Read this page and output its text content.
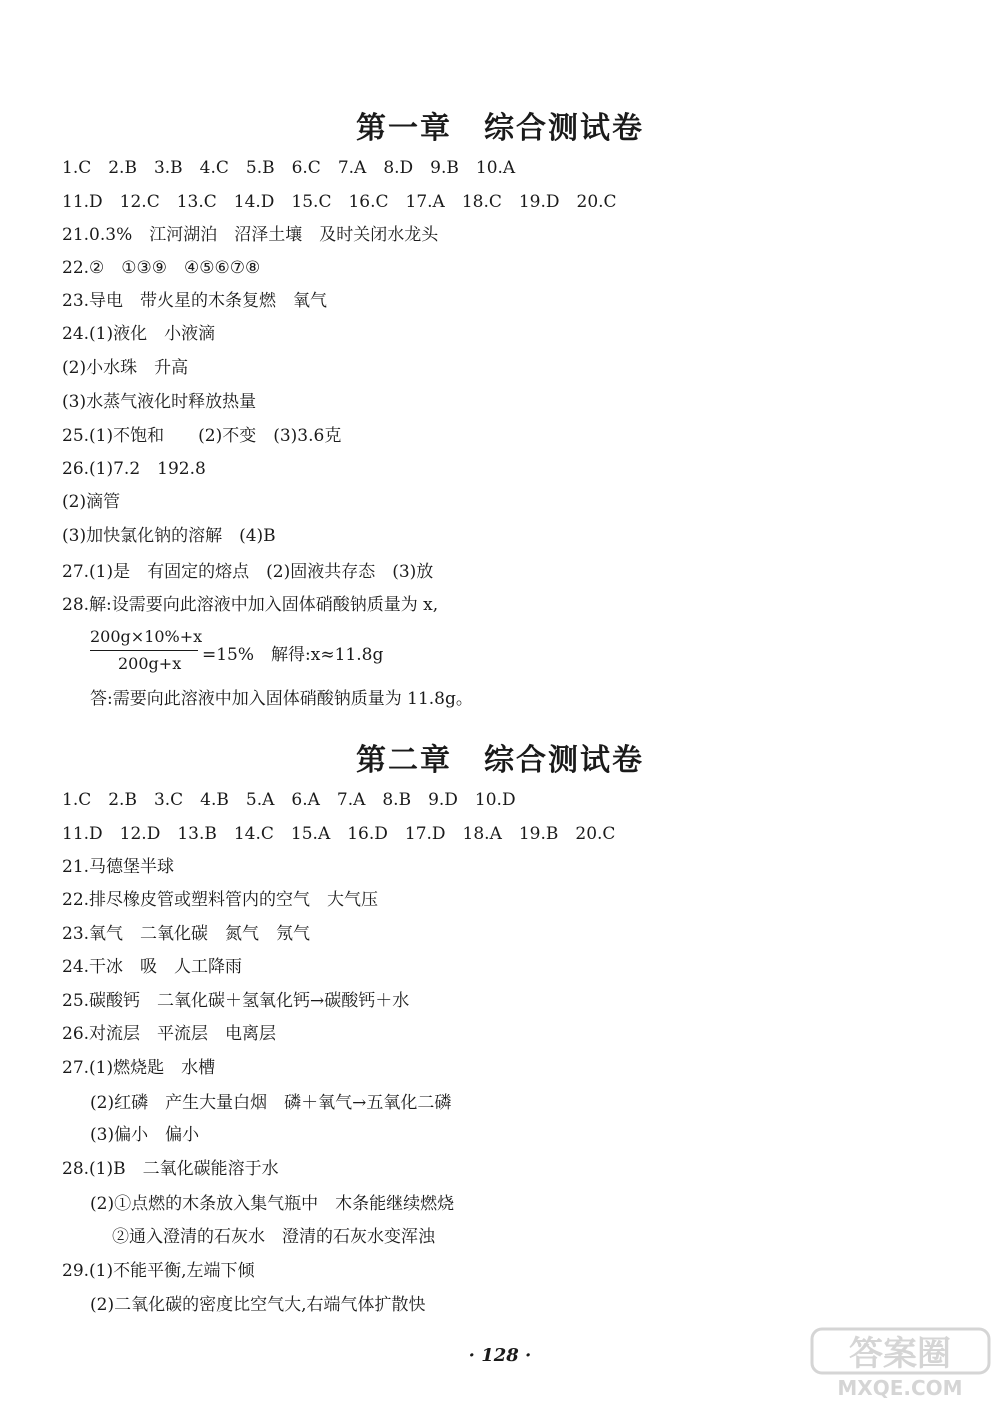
第一章　综合测试卷
1.C　2.B　3.B　4.C　5.B　6.C　7.A　8.D　9.B　10.A
11.D　12.C　13.C　14.D　15.C　16.C　17.A　18.C　19.D　20.C
21.0.3%　江河湖泊　沼泽土壤　及时关闭水龙头
22.②　①③⑨　④⑤⑥⑦⑧
23.导电　带火星的木条复燃　氧气
24.(1)液化　小液滴
(2)小水珠　升高
(3)水蒸气液化时释放热量
25.(1)不饱和　　(2)不变　(3)3.6克
26.(1)7.2　192.8
(2)滴管
(3)加快氯化钠的溶解　(4)B
27.(1)是　有固定的熔点　(2)固液共存态　(3)放
28.解:设需要向此溶液中加入固体硝酸钠质量为 x,
200g×10%+x
200g+x =15%　解得:x≈11.8g
答:需要向此溶液中加入固体硝酸钠质量为 11.8g。
第二章　综合测试卷
1.C　2.B　3.C　4.B　5.A　6.A　7.A　8.B　9.D　10.D
11.D　12.D　13.B　14.C　15.A　16.D　17.D　18.A　19.B　20.C
21.马德堡半球
22.排尽橡皮管或塑料管内的空气　大气压
23.氧气　二氧化碳　氮气　氖气
24.干冰　吸　人工降雨
25.碳酸钙　二氧化碳＋氢氧化钙→碳酸钙＋水
26.对流层　平流层　电离层
27.(1)燃烧匙　水槽
(2)红磷　产生大量白烟　磷＋氧气→五氧化二磷
(3)偏小　偏小
28.(1)B　二氧化碳能溶于水
(2)①点燃的木条放入集气瓶中　木条能继续燃烧
②通入澄清的石灰水　澄清的石灰水变浑浊
29.(1)不能平衡,左端下倾
(2)二氧化碳的密度比空气大,右端气体扩散快
· 128 ·	答案圈
MXQE.COM
